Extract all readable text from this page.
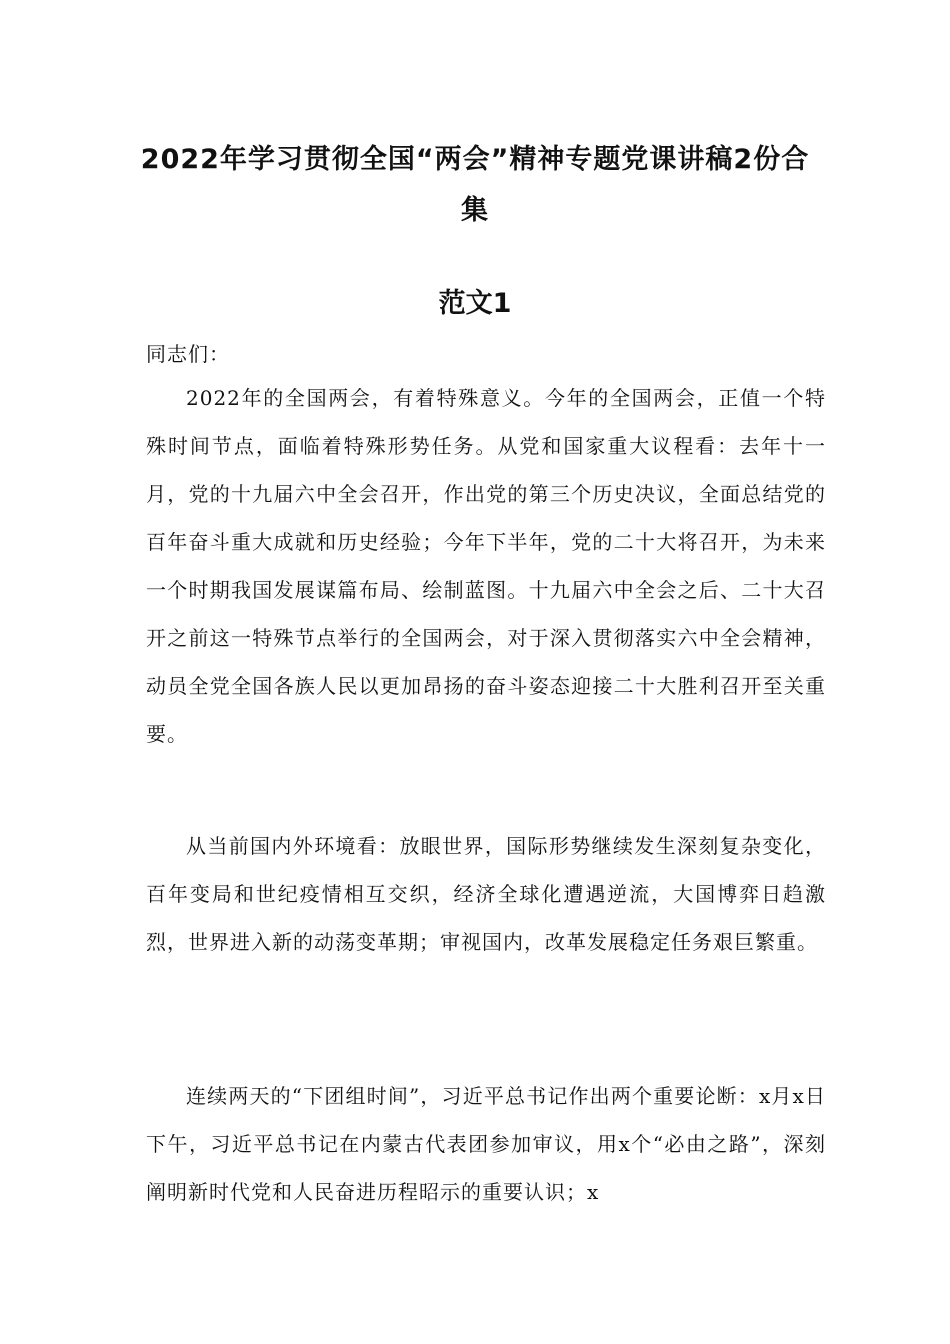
2022年学习贯彻全国“两会”精神专题党课讲稿2份合集
范文1

同志们：

2022年的全国两会，有着特殊意义。今年的全国两会，正值一个特殊时间节点，面临着特殊形势任务。从党和国家重大议程看：去年十一月，党的十九届六中全会召开，作出党的第三个历史决议，全面总结党的百年奋斗重大成就和历史经验；今年下半年，党的二十大将召开，为未来一个时期我国发展谋篇布局、绘制蓝图。十九届六中全会之后、二十大召开之前这一特殊节点举行的全国两会，对于深入贯彻落实六中全会精神，动员全党全国各族人民以更加昂扬的奋斗姿态迎接二十大胜利召开至关重要。

从当前国内外环境看：放眼世界，国际形势继续发生深刻复杂变化，百年变局和世纪疫情相互交织，经济全球化遭遇逆流，大国博弈日趋激烈，世界进入新的动荡变革期；审视国内，改革发展稳定任务艰巨繁重。

连续两天的“下团组时间”，习近平总书记作出两个重要论断：x月x日下午，习近平总书记在内蒙古代表团参加审议，用x个“必由之路”，深刻阐明新时代党和人民奋进历程昭示的重要认识；x
